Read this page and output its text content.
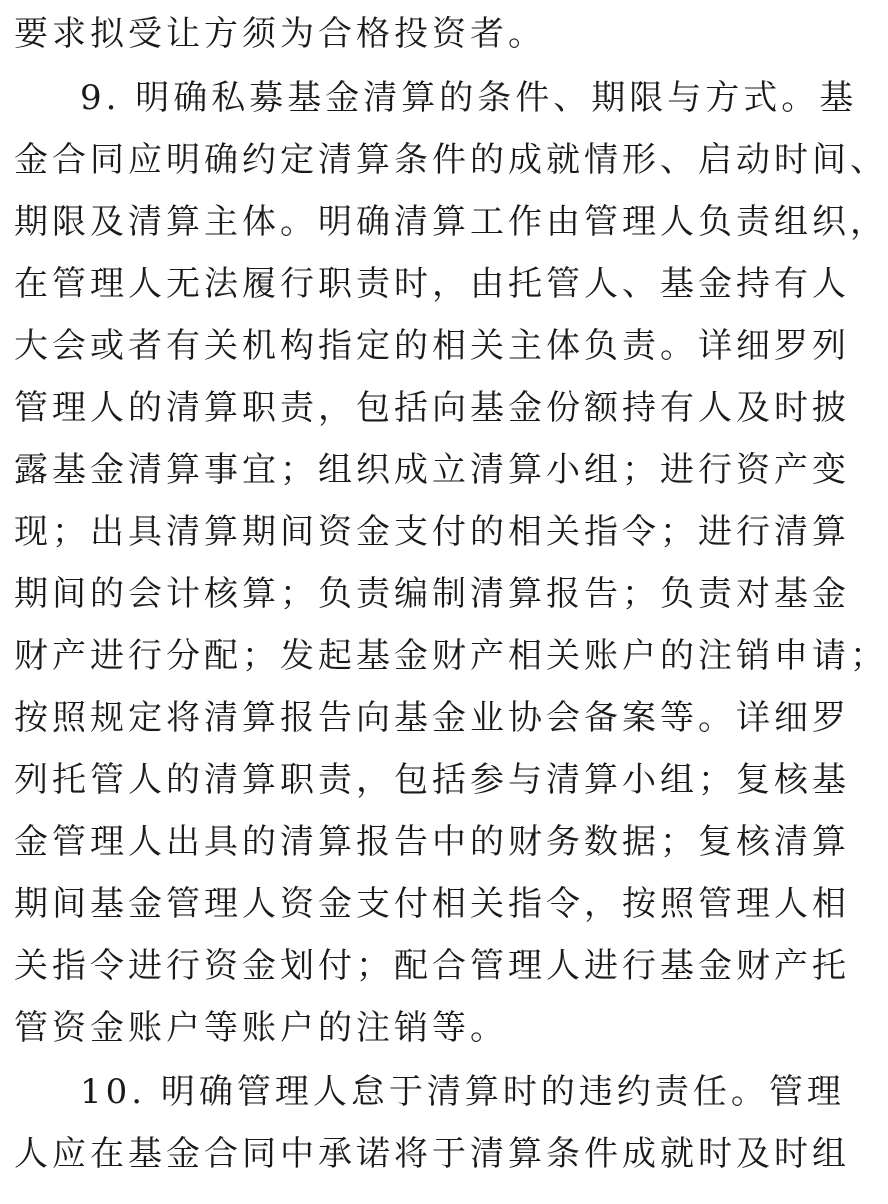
要求拟受让方须为合格投资者。
9. 明确私募基金清算的条件、期限与方式。基
金合同应明确约定清算条件的成就情形、启动时间、
期限及清算主体。明确清算工作由管理人负责组织，
在管理人无法履行职责时，由托管人、基金持有人
大会或者有关机构指定的相关主体负责。详细罗列
管理人的清算职责，包括向基金份额持有人及时披
露基金清算事宜；组织成立清算小组；进行资产变
现；出具清算期间资金支付的相关指令；进行清算
期间的会计核算；负责编制清算报告；负责对基金
财产进行分配；发起基金财产相关账户的注销申请；
按照规定将清算报告向基金业协会备案等。详细罗
列托管人的清算职责，包括参与清算小组；复核基
金管理人出具的清算报告中的财务数据；复核清算
期间基金管理人资金支付相关指令，按照管理人相
关指令进行资金划付；配合管理人进行基金财产托
管资金账户等账户的注销等。
10. 明确管理人怠于清算时的违约责任。管理
人应在基金合同中承诺将于清算条件成就时及时组
